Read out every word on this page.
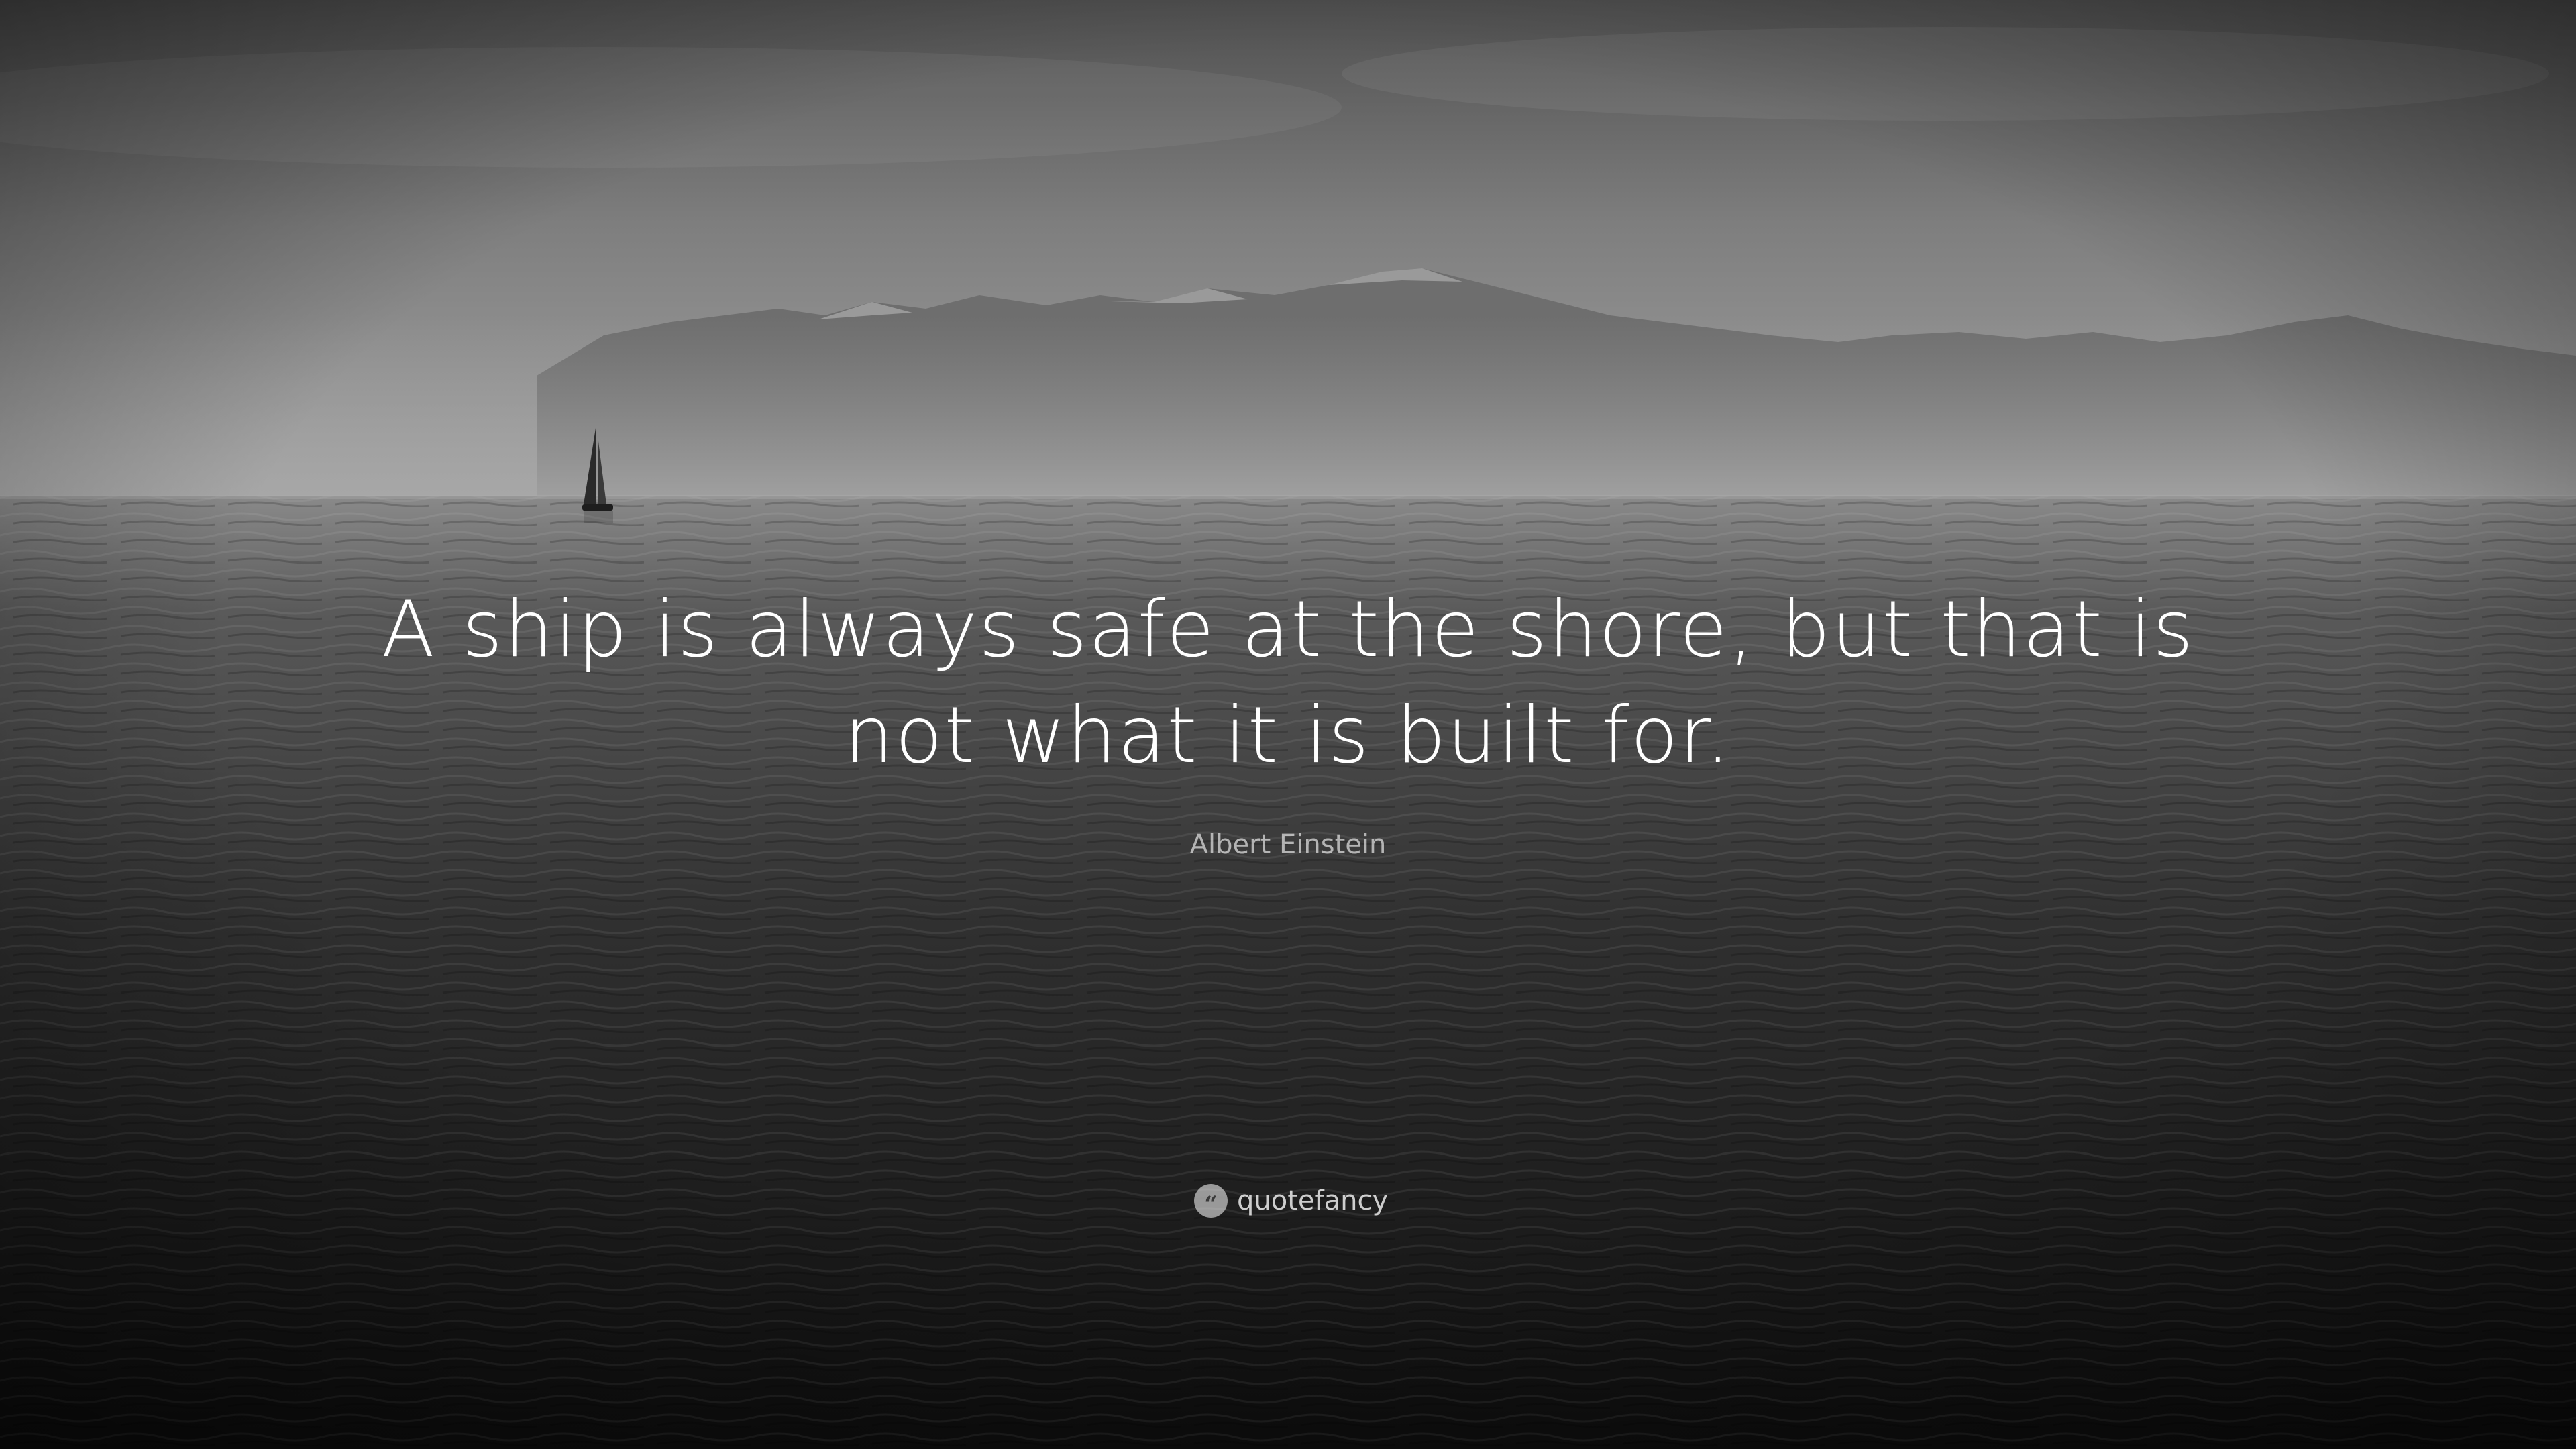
A ship is always safe at the shore, but that is not what it is built for.
Albert Einstein
“ quotefancy
